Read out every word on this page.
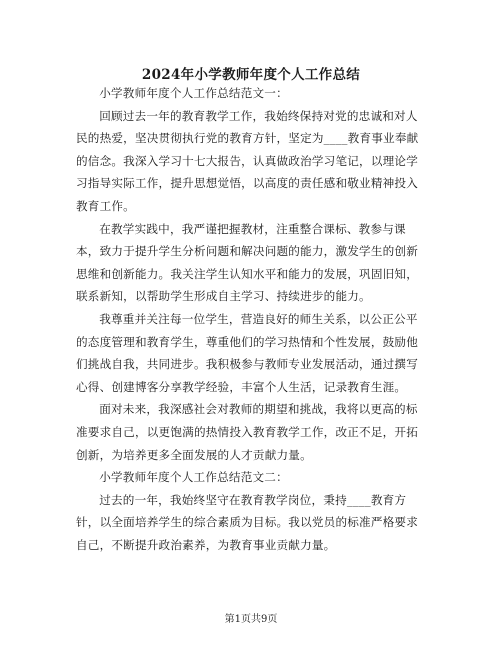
2024年小学教师年度个人工作总结

小学教师年度个人工作总结范文一：

回顾过去一年的教育教学工作，我始终保持对党的忠诚和对人民的热爱，坚决贯彻执行党的教育方针，坚定为____教育事业奉献的信念。我深入学习十七大报告，认真做政治学习笔记，以理论学习指导实际工作，提升思想觉悟，以高度的责任感和敬业精神投入教育工作。

在教学实践中，我严谨把握教材，注重整合课标、教参与课本，致力于提升学生分析问题和解决问题的能力，激发学生的创新思维和创新能力。我关注学生认知水平和能力的发展，巩固旧知，联系新知，以帮助学生形成自主学习、持续进步的能力。

我尊重并关注每一位学生，营造良好的师生关系，以公正公平的态度管理和教育学生，尊重他们的学习热情和个性发展，鼓励他们挑战自我，共同进步。我积极参与教师专业发展活动，通过撰写心得、创建博客分享教学经验，丰富个人生活，记录教育生涯。

面对未来，我深感社会对教师的期望和挑战，我将以更高的标准要求自己，以更饱满的热情投入教育教学工作，改正不足，开拓创新，为培养更多全面发展的人才贡献力量。

小学教师年度个人工作总结范文二：

过去的一年，我始终坚守在教育教学岗位，秉持____教育方针，以全面培养学生的综合素质为目标。我以党员的标准严格要求自己，不断提升政治素养，为教育事业贡献力量。

第1页共9页
